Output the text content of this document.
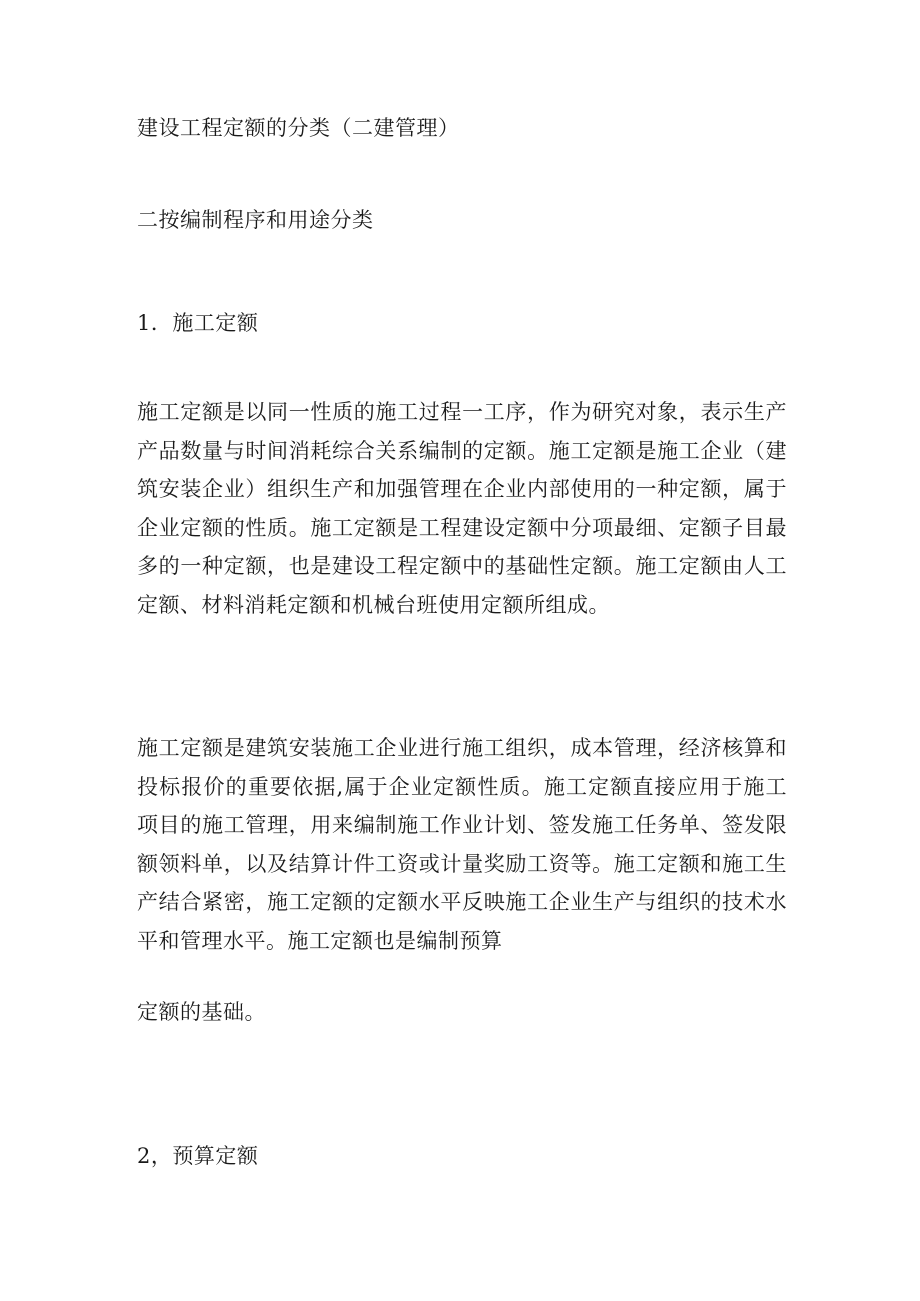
建设工程定额的分类（二建管理）
二按编制程序和用途分类
1．施工定额
施工定额是以同一性质的施工过程一工序，作为研究对象，表示生产产品数量与时间消耗综合关系编制的定额。施工定额是施工企业（建筑安装企业）组织生产和加强管理在企业内部使用的一种定额，属于企业定额的性质。施工定额是工程建设定额中分项最细、定额子目最多的一种定额，也是建设工程定额中的基础性定额。施工定额由人工定额、材料消耗定额和机械台班使用定额所组成。
施工定额是建筑安装施工企业进行施工组织，成本管理，经济核算和投标报价的重要依据,属于企业定额性质。施工定额直接应用于施工项目的施工管理，用来编制施工作业计划、签发施工任务单、签发限额领料单，以及结算计件工资或计量奖励工资等。施工定额和施工生产结合紧密，施工定额的定额水平反映施工企业生产与组织的技术水平和管理水平。施工定额也是编制预算
定额的基础。
2，预算定额
